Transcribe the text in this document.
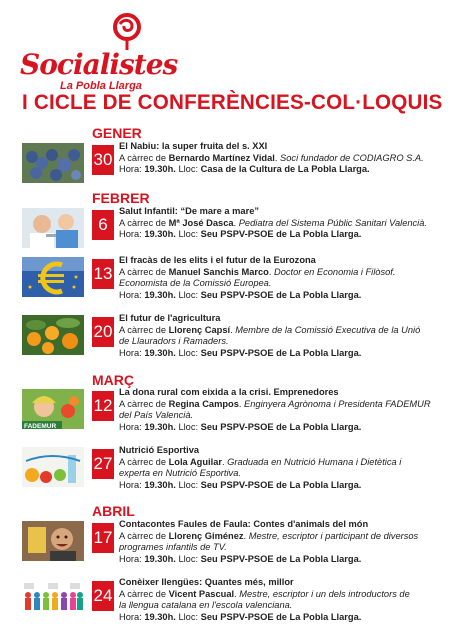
Socialistes
La Pobla Llarga
I CICLE DE CONFERÈNCIES-COL·LOQUIS
GENER
30
El Nabiu: la super fruita del s. XXI
A càrrec de Bernardo Martínez Vidal. Soci fundador de CODIAGRO S.A.
Hora: 19.30h. Lloc: Casa de la Cultura de La Pobla Llarga.
FEBRER
6
Salut Infantil: “De mare a mare”
A càrrec de Mª José Dasca. Pediatra del Sistema Públic Sanitari Valencià.
Hora: 19.30h. Lloc: Seu PSPV-PSOE de La Pobla Llarga.
13
El fracàs de les elits i el futur de la Eurozona
A càrrec de Manuel Sanchis Marco. Doctor en Economia i Filòsof.
Economista de la Comissió Europea.
Hora: 19.30h. Lloc: Seu PSPV-PSOE de La Pobla Llarga.
20
El futur de l'agricultura
A càrrec de Llorenç Capsí. Membre de la Comissió Executiva de la Unió
de Llauradors i Ramaders.
Hora: 19.30h. Lloc: Seu PSPV-PSOE de La Pobla Llarga.
MARÇ
FADEMUR
12
La dona rural com eixida a la crisi. Emprenedores
A càrrec de Regina Campos. Enginyera Agrònoma i Presidenta FADEMUR
del País Valencià.
Hora: 19.30h. Lloc: Seu PSPV-PSOE de La Pobla Llarga.
27
Nutrició Esportiva
A càrrec de Lola Aguilar. Graduada en Nutrició Humana i Dietètica i
experta en Nutrició Esportiva.
Hora: 19.30h. Lloc: Seu PSPV-PSOE de La Pobla Llarga.
ABRIL
17
Contacontes Faules de Faula: Contes d'animals del món
A càrrec de Llorenç Giménez. Mestre, escriptor i participant de diversos
programes infantils de TV.
Hora: 19.30h. Lloc: Seu PSPV-PSOE de La Pobla Llarga.
24
Conèixer llengües: Quantes més, millor
A càrrec de Vicent Pascual. Mestre, escriptor i un dels introductors de
la llengua catalana en l'escola valenciana.
Hora: 19.30h. Lloc: Seu PSPV-PSOE de La Pobla Llarga.
